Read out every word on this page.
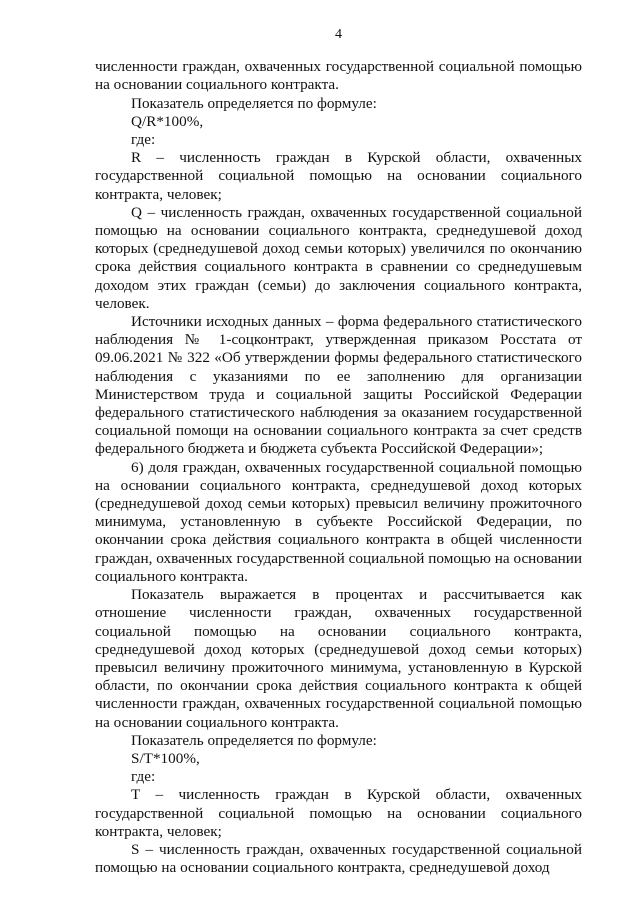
4

численности граждан, охваченных государственной социальной помощью на основании социального контракта.

Показатель определяется по формуле:

Q/R*100%,

где:

R – численность граждан в Курской области, охваченных государственной социальной помощью на основании социального контракта, человек;

Q – численность граждан, охваченных государственной социальной помощью на основании социального контракта, среднедушевой доход которых (среднедушевой доход семьи которых) увеличился по окончанию срока действия социального контракта в сравнении со среднедушевым доходом этих граждан (семьи) до заключения социального контракта, человек.

Источники исходных данных – форма федерального статистического наблюдения № 1-соцконтракт, утвержденная приказом Росстата от 09.06.2021 № 322 «Об утверждении формы федерального статистического наблюдения с указаниями по ее заполнению для организации Министерством труда и социальной защиты Российской Федерации федерального статистического наблюдения за оказанием государственной социальной помощи на основании социального контракта за счет средств федерального бюджета и бюджета субъекта Российской Федерации»;

6) доля граждан, охваченных государственной социальной помощью на основании социального контракта, среднедушевой доход которых (среднедушевой доход семьи которых) превысил величину прожиточного минимума, установленную в субъекте Российской Федерации, по окончании срока действия социального контракта в общей численности граждан, охваченных государственной социальной помощью на основании социального контракта.

Показатель выражается в процентах и рассчитывается как отношение численности граждан, охваченных государственной социальной помощью на основании социального контракта, среднедушевой доход которых (среднедушевой доход семьи которых) превысил величину прожиточного минимума, установленную в Курской области, по окончании срока действия социального контракта к общей численности граждан, охваченных государственной социальной помощью на основании социального контракта.

Показатель определяется по формуле:

S/T*100%,

где:

T – численность граждан в Курской области, охваченных государственной социальной помощью на основании социального контракта, человек;

S – численность граждан, охваченных государственной социальной помощью на основании социального контракта, среднедушевой доход
